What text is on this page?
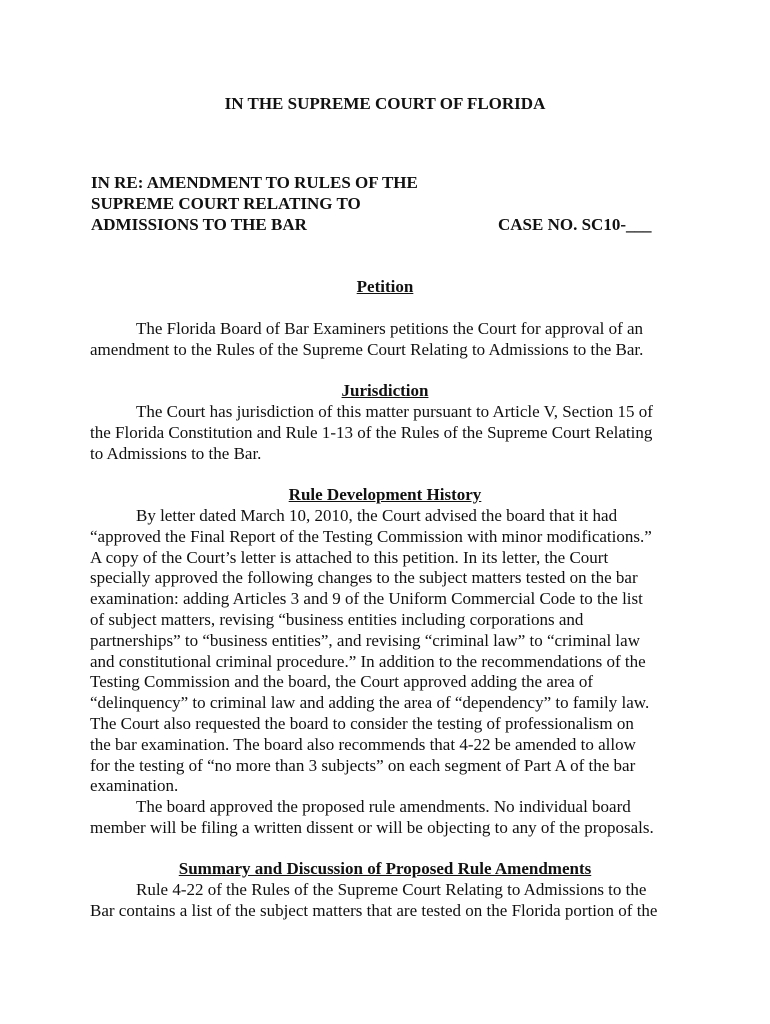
IN THE SUPREME COURT OF FLORIDA
IN RE: AMENDMENT TO RULES OF THE
SUPREME COURT RELATING TO
ADMISSIONS TO THE BAR	CASE NO. SC10-___
Petition
The Florida Board of Bar Examiners petitions the Court for approval of an
amendment to the Rules of the Supreme Court Relating to Admissions to the Bar.
Jurisdiction
The Court has jurisdiction of this matter pursuant to Article V, Section 15 of
the Florida Constitution and Rule 1-13 of the Rules of the Supreme Court Relating
to Admissions to the Bar.
Rule Development History
By letter dated March 10, 2010, the Court advised the board that it had
“approved the Final Report of the Testing Commission with minor modifications.”
A copy of the Court’s letter is attached to this petition. In its letter, the Court
specially approved the following changes to the subject matters tested on the bar
examination: adding Articles 3 and 9 of the Uniform Commercial Code to the list
of subject matters, revising “business entities including corporations and
partnerships” to “business entities”, and revising “criminal law” to “criminal law
and constitutional criminal procedure.” In addition to the recommendations of the
Testing Commission and the board, the Court approved adding the area of
“delinquency” to criminal law and adding the area of “dependency” to family law.
The Court also requested the board to consider the testing of professionalism on
the bar examination. The board also recommends that 4-22 be amended to allow
for the testing of “no more than 3 subjects” on each segment of Part A of the bar
examination.
The board approved the proposed rule amendments. No individual board
member will be filing a written dissent or will be objecting to any of the proposals.
Summary and Discussion of Proposed Rule Amendments
Rule 4-22 of the Rules of the Supreme Court Relating to Admissions to the
Bar contains a list of the subject matters that are tested on the Florida portion of the
